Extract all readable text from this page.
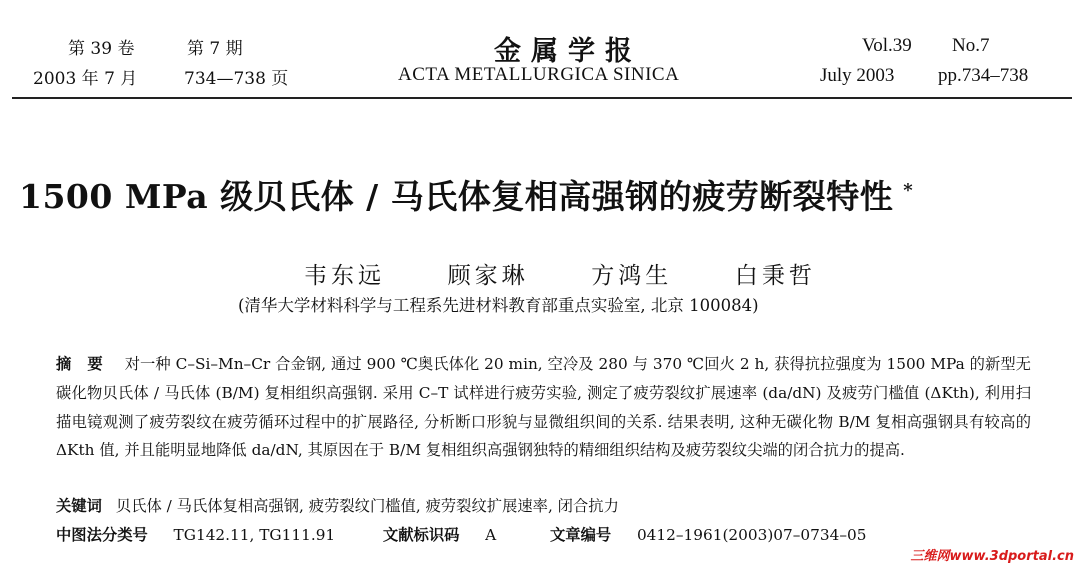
第 39 卷	第 7 期
2003 年 7 月	734—738 页
金属学报
ACTA METALLURGICA SINICA
Vol.39 No.7
July 2003 pp.734–738
1500 MPa 级贝氏体 / 马氏体复相高强钢的疲劳断裂特性 *
韦东远	顾家琳	方鸿生	白秉哲
(清华大学材料科学与工程系先进材料教育部重点实验室, 北京 100084)
摘要 对一种 C–Si–Mn–Cr 合金钢, 通过 900 ℃奥氏体化 20 min, 空冷及 280 与 370 ℃回火 2 h, 获得抗拉强度为 1500 MPa 的新型无碳化物贝氏体 / 马氏体 (B/M) 复相组织高强钢. 采用 C–T 试样进行疲劳实验, 测定了疲劳裂纹扩展速率 (da/dN) 及疲劳门槛值 (ΔKth), 利用扫描电镜观测了疲劳裂纹在疲劳循环过程中的扩展路径, 分析断口形貌与显微组织间的关系. 结果表明, 这种无碳化物 B/M 复相高强钢具有较高的 ΔKth 值, 并且能明显地降低 da/dN, 其原因在于 B/M 复相组织高强钢独特的精细组织结构及疲劳裂纹尖端的闭合抗力的提高.
关键词 贝氏体 / 马氏体复相高强钢, 疲劳裂纹门槛值, 疲劳裂纹扩展速率, 闭合抗力
中图法分类号 TG142.11, TG111.91	文献标识码 A	文章编号 0412–1961(2003)07–0734–05
三维网www.3dportal.cn
